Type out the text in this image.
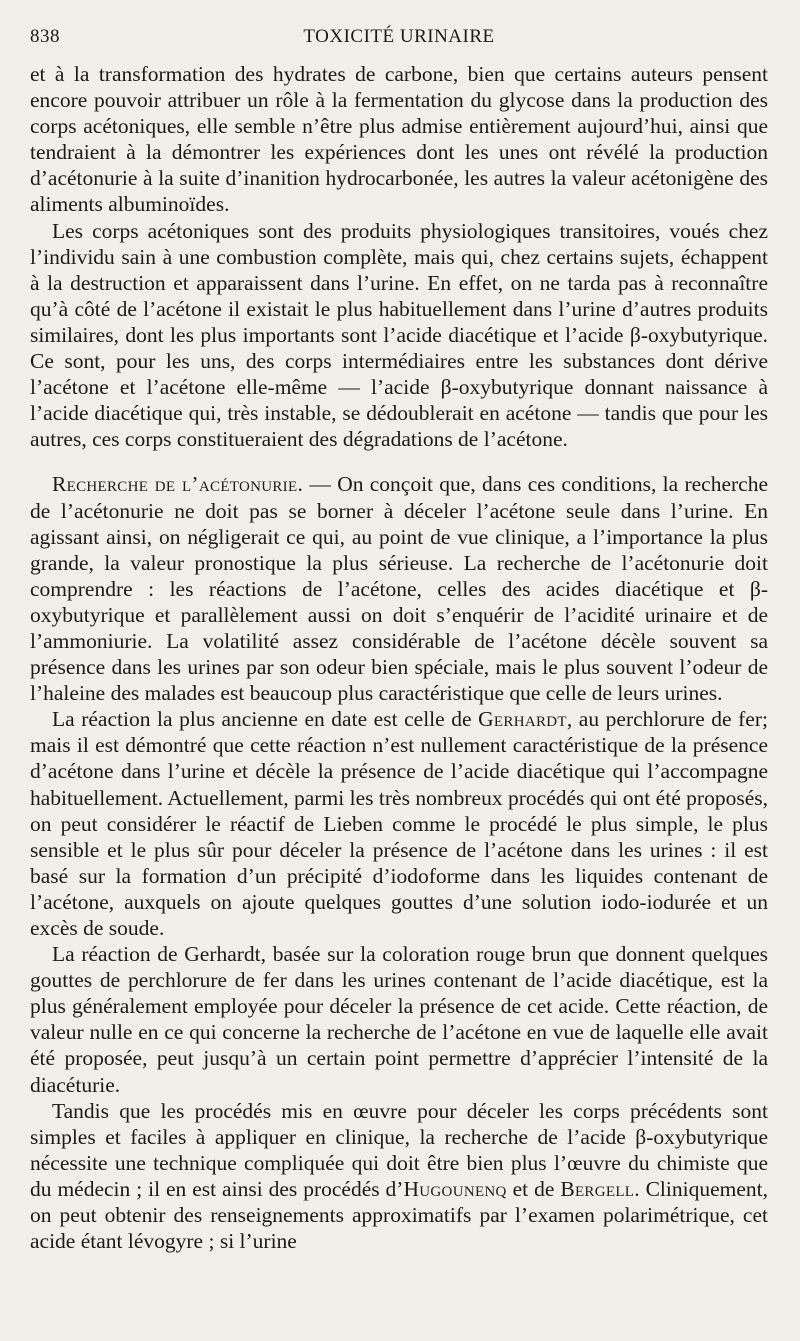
838	TOXICITÉ URINAIRE

et à la transformation des hydrates de carbone, bien que certains auteurs pensent encore pouvoir attribuer un rôle à la fermentation du glycose dans la production des corps acétoniques, elle semble n’être plus admise entièrement aujourd’hui, ainsi que tendraient à la démontrer les expériences dont les unes ont révélé la production d’acétonurie à la suite d’inanition hydrocarbonée, les autres la valeur acétonigène des aliments albuminoïdes.

Les corps acétoniques sont des produits physiologiques transitoires, voués chez l’individu sain à une combustion complète, mais qui, chez certains sujets, échappent à la destruction et apparaissent dans l’urine. En effet, on ne tarda pas à reconnaître qu’à côté de l’acétone il existait le plus habituellement dans l’urine d’autres produits similaires, dont les plus importants sont l’acide diacétique et l’acide β-oxybutyrique. Ce sont, pour les uns, des corps intermédiaires entre les substances dont dérive l’acétone et l’acétone elle-même — l’acide β-oxybutyrique donnant naissance à l’acide diacétique qui, très instable, se dédoublerait en acétone — tandis que pour les autres, ces corps constitueraient des dégradations de l’acétone.

Recherche de l’acétonurie. — On conçoit que, dans ces conditions, la recherche de l’acétonurie ne doit pas se borner à déceler l’acétone seule dans l’urine. En agissant ainsi, on négligerait ce qui, au point de vue clinique, a l’importance la plus grande, la valeur pronostique la plus sérieuse. La recherche de l’acétonurie doit comprendre : les réactions de l’acétone, celles des acides diacétique et β-oxybutyrique et parallèlement aussi on doit s’enquérir de l’acidité urinaire et de l’ammoniurie. La volatilité assez considérable de l’acétone décèle souvent sa présence dans les urines par son odeur bien spéciale, mais le plus souvent l’odeur de l’haleine des malades est beaucoup plus caractéristique que celle de leurs urines.

La réaction la plus ancienne en date est celle de Gerhardt, au perchlorure de fer; mais il est démontré que cette réaction n’est nullement caractéristique de la présence d’acétone dans l’urine et décèle la présence de l’acide diacétique qui l’accompagne habituellement. Actuellement, parmi les très nombreux procédés qui ont été proposés, on peut considérer le réactif de Lieben comme le procédé le plus simple, le plus sensible et le plus sûr pour déceler la présence de l’acétone dans les urines : il est basé sur la formation d’un précipité d’iodoforme dans les liquides contenant de l’acétone, auxquels on ajoute quelques gouttes d’une solution iodo-iodurée et un excès de soude.

La réaction de Gerhardt, basée sur la coloration rouge brun que donnent quelques gouttes de perchlorure de fer dans les urines contenant de l’acide diacétique, est la plus généralement employée pour déceler la présence de cet acide. Cette réaction, de valeur nulle en ce qui concerne la recherche de l’acétone en vue de laquelle elle avait été proposée, peut jusqu’à un certain point permettre d’apprécier l’intensité de la diacéturie.

Tandis que les procédés mis en œuvre pour déceler les corps précédents sont simples et faciles à appliquer en clinique, la recherche de l’acide β-oxybutyrique nécessite une technique compliquée qui doit être bien plus l’œuvre du chimiste que du médecin ; il en est ainsi des procédés d’Hugounenq et de Bergell. Cliniquement, on peut obtenir des renseignements approximatifs par l’examen polarimétrique, cet acide étant lévogyre ; si l’urine
